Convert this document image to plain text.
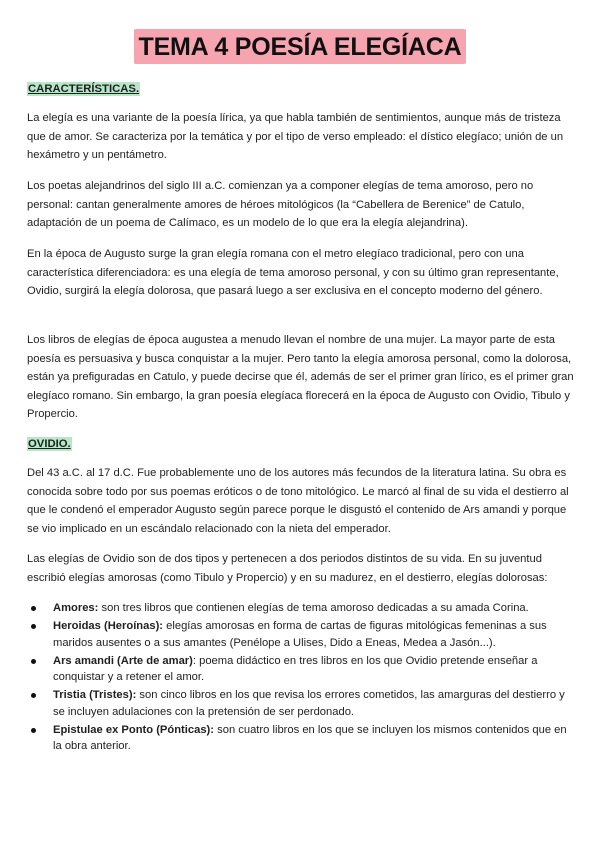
TEMA 4 POESÍA ELEGÍACA
CARACTERÍSTICAS.

La elegía es una variante de la poesía lírica, ya que habla también de sentimientos, aunque más de tristeza que de amor. Se caracteriza por la temática y por el tipo de verso empleado: el dístico elegíaco; unión de un hexámetro y un pentámetro.

Los poetas alejandrinos del siglo III a.C. comienzan ya a componer elegías de tema amoroso, pero no personal: cantan generalmente amores de héroes mitológicos (la “Cabellera de Berenice” de Catulo, adaptación de un poema de Calímaco, es un modelo de lo que era la elegía alejandrina).

En la época de Augusto surge la gran elegía romana con el metro elegíaco tradicional, pero con una característica diferenciadora: es una elegía de tema amoroso personal, y con su último gran representante, Ovidio, surgirá la elegía dolorosa, que pasará luego a ser exclusiva en el concepto moderno del género.

Los libros de elegías de época augustea a menudo llevan el nombre de una mujer. La mayor parte de esta poesía es persuasiva y busca conquistar a la mujer. Pero tanto la elegía amorosa personal, como la dolorosa, están ya prefiguradas en Catulo, y puede decirse que él, además de ser el primer gran lírico, es el primer gran elegíaco romano. Sin embargo, la gran poesía elegíaca florecerá en la época de Augusto con Ovidio, Tibulo y Propercio.

OVIDIO.

Del 43 a.C. al 17 d.C. Fue probablemente uno de los autores más fecundos de la literatura latina. Su obra es conocida sobre todo por sus poemas eróticos o de tono mitológico. Le marcó al final de su vida el destierro al que le condenó el emperador Augusto según parece porque le disgustó el contenido de Ars amandi y porque se vio implicado en un escándalo relacionado con la nieta del emperador.

Las elegías de Ovidio son de dos tipos y pertenecen a dos periodos distintos de su vida. En su juventud escribió elegías amorosas (como Tibulo y Propercio) y en su madurez, en el destierro, elegías dolorosas:

Amores: son tres libros que contienen elegías de tema amoroso dedicadas a su amada Corina.
Heroidas (Heroínas): elegías amorosas en forma de cartas de figuras mitológicas femeninas a sus maridos ausentes o a sus amantes (Penélope a Ulises, Dido a Eneas, Medea a Jasón...).
Ars amandi (Arte de amar): poema didáctico en tres libros en los que Ovidio pretende enseñar a conquistar y a retener el amor.
Tristia (Tristes): son cinco libros en los que revisa los errores cometidos, las amarguras del destierro y se incluyen adulaciones con la pretensión de ser perdonado.
Epistulae ex Ponto (Pónticas): son cuatro libros en los que se incluyen los mismos contenidos que en la obra anterior.
